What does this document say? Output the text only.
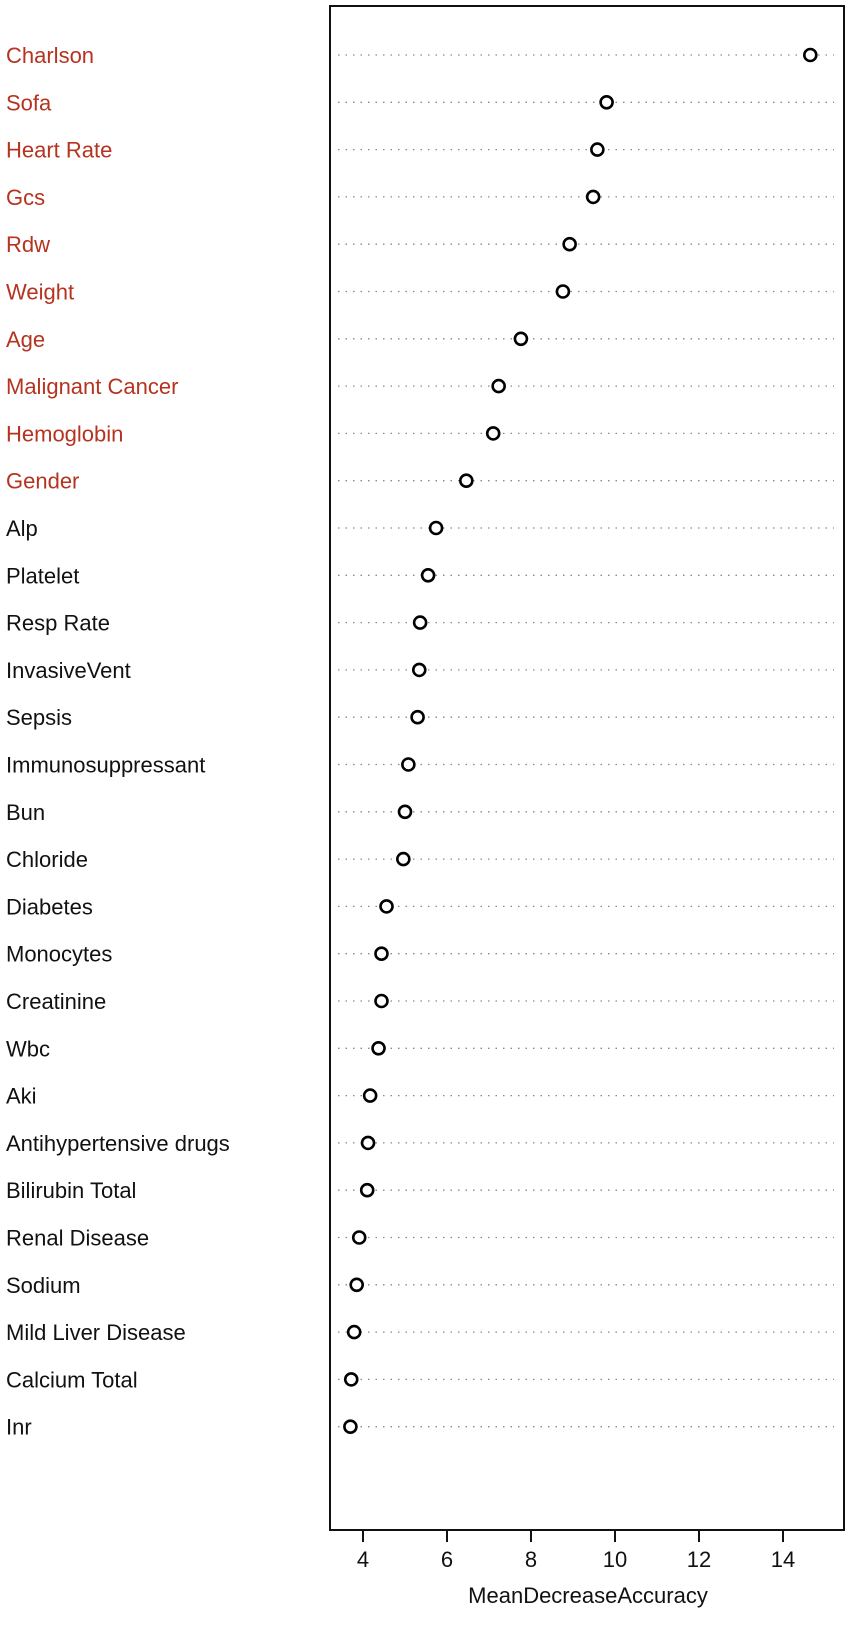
Charlson
Sofa
Heart Rate
Gcs
Rdw
Weight
Age
Malignant Cancer
Hemoglobin
Gender
Alp
Platelet
Resp Rate
InvasiveVent
Sepsis
Immunosuppressant
Bun
Chloride
Diabetes
Monocytes
Creatinine
Wbc
Aki
Antihypertensive drugs
Bilirubin Total
Renal Disease
Sodium
Mild Liver Disease
Calcium Total
Inr
4	6	8	10	12	14
MeanDecreaseAccuracy
